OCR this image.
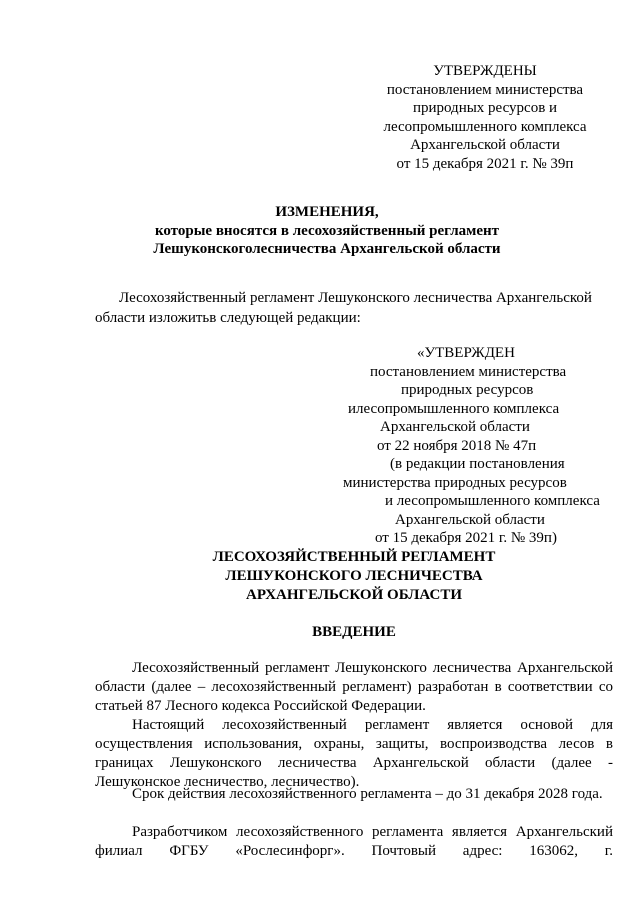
УТВЕРЖДЕНЫ
постановлением министерства
природных ресурсов и
лесопромышленного комплекса
Архангельской области
от 15 декабря 2021 г. № 39п
ИЗМЕНЕНИЯ,
которые вносятся в лесохозяйственный регламент
Лешуконскоголесничества Архангельской области
Лесохозяйственный регламент Лешуконского лесничества Архангельской
области изложитьв следующей редакции:
«УТВЕРЖДЕН
постановлением министерства
природных ресурсов
илесопромышленного комплекса
Архангельской области
от 22 ноября 2018 № 47п
(в редакции постановления
министерства природных ресурсов
и лесопромышленного комплекса
Архангельской области
от 15 декабря 2021 г. № 39п)
ЛЕСОХОЗЯЙСТВЕННЫЙ РЕГЛАМЕНТ
ЛЕШУКОНСКОГО ЛЕСНИЧЕСТВА
АРХАНГЕЛЬСКОЙ ОБЛАСТИ
ВВЕДЕНИЕ
Лесохозяйственный регламент Лешуконского лесничества Архангельской области (далее – лесохозяйственный регламент) разработан в соответствии со статьей 87 Лесного кодекса Российской Федерации.
Настоящий лесохозяйственный регламент является основой для осуществления использования, охраны, защиты, воспроизводства лесов в границах Лешуконского лесничества Архангельской области (далее - Лешуконское лесничество, лесничество).
Срок действия лесохозяйственного регламента – до 31 декабря 2028 года.
Разработчиком лесохозяйственного регламента является Архангельский филиал ФГБУ «Рослесинфорг». Почтовый адрес: 163062, г.
